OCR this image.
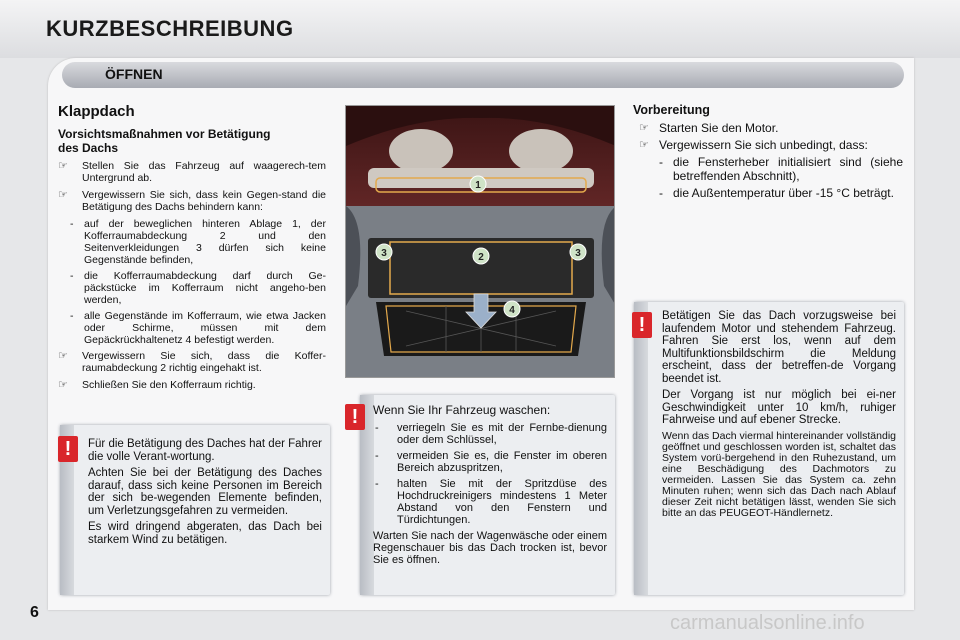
KURZBESCHREIBUNG
ÖFFNEN
Klappdach
Vorsichtsmaßnahmen vor Betätigung des Dachs
☞ Stellen Sie das Fahrzeug auf waagerech-tem Untergrund ab.
☞ Vergewissern Sie sich, dass kein Gegen-stand die Betätigung des Dachs behindern kann:
- auf der beweglichen hinteren Ablage 1, der Kofferraumabdeckung 2 und den Seitenverkleidungen 3 dürfen sich keine Gegenstände befinden,
- die Kofferraumabdeckung darf durch Ge-päckstücke im Kofferraum nicht angeho-ben werden,
- alle Gegenstände im Kofferraum, wie etwa Jacken oder Schirme, müssen mit dem Gepäckrückhaltenetz 4 befestigt werden.
☞ Vergewissern Sie sich, dass die Koffer-raumabdeckung 2 richtig eingehakt ist.
☞ Schließen Sie den Kofferraum richtig.
!	Für die Betätigung des Daches hat der Fahrer die volle Verant-wortung.

Achten Sie bei der Betätigung des Daches darauf, dass sich keine Personen im Bereich der sich be-wegenden Elemente befinden, um Verletzungsgefahren zu vermeiden.

Es wird dringend abgeraten, das Dach bei starkem Wind zu betätigen.

1
2
3	3
4
!	Wenn Sie Ihr Fahrzeug waschen:

- verriegeln Sie es mit der Fernbe-dienung oder dem Schlüssel,
- vermeiden Sie es, die Fenster im oberen Bereich abzuspritzen,
- halten Sie mit der Spritzdüse des Hochdruckreinigers mindestens 1 Meter Abstand von den Fenstern und Türdichtungen.

Warten Sie nach der Wagenwäsche oder einem Regenschauer bis das Dach trocken ist, bevor Sie es öffnen.

Vorbereitung
☞ Starten Sie den Motor.
☞ Vergewissern Sie sich unbedingt, dass:
- die Fensterheber initialisiert sind (siehe betreffenden Abschnitt),
- die Außentemperatur über -15 °C beträgt.
!	Betätigen Sie das Dach vorzugsweise bei laufendem Motor und stehendem Fahrzeug. Fahren Sie erst los, wenn auf dem Multifunktionsbildschirm die Meldung erscheint, dass der betreffen-de Vorgang beendet ist.

Der Vorgang ist nur möglich bei ei-ner Geschwindigkeit unter 10 km/h, ruhiger Fahrweise und auf ebener Strecke.

Wenn das Dach viermal hintereinander vollständig geöffnet und geschlossen worden ist, schaltet das System vorü-bergehend in den Ruhezustand, um eine Beschädigung des Dachmotors zu vermeiden. Lassen Sie das System ca. zehn Minuten ruhen; wenn sich das Dach nach Ablauf dieser Zeit nicht betätigen lässt, wenden Sie sich bitte an das PEUGEOT-Händlernetz.

6	carmanualsonline.info
